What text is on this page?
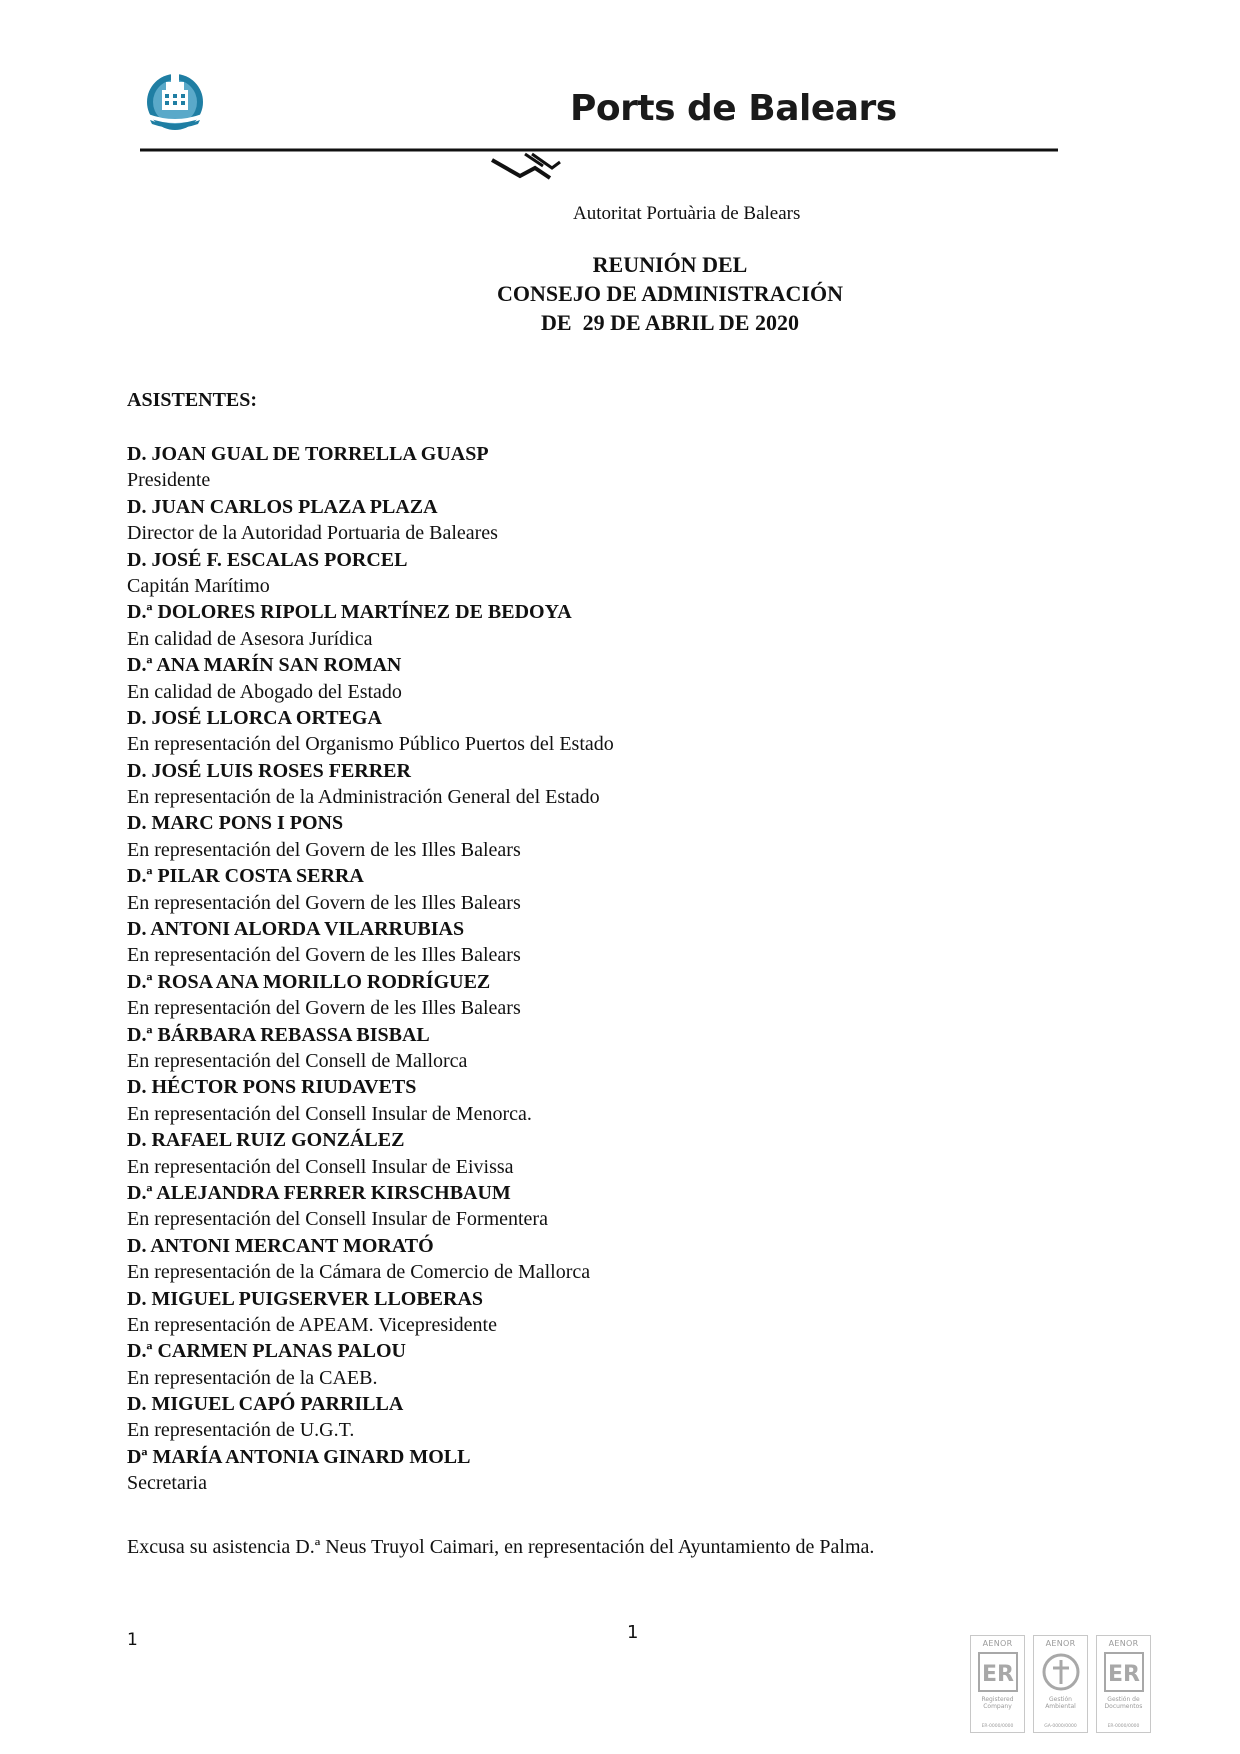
Ports de Balears
Autoritat Portuària de Balears
REUNIÓN DEL
CONSEJO DE ADMINISTRACIÓN
DE  29 DE ABRIL DE 2020
ASISTENTES:
D. JOAN GUAL DE TORRELLA GUASP
Presidente
D. JUAN CARLOS PLAZA PLAZA
Director de la Autoridad Portuaria de Baleares
D. JOSÉ F. ESCALAS PORCEL
Capitán Marítimo
D.ª DOLORES RIPOLL MARTÍNEZ DE BEDOYA
En calidad de Asesora Jurídica
D.ª ANA MARÍN SAN ROMAN
En calidad de Abogado del Estado
D. JOSÉ LLORCA ORTEGA
En representación del Organismo Público Puertos del Estado
D. JOSÉ LUIS ROSES FERRER
En representación de la Administración General del Estado
D. MARC PONS I PONS
En representación del Govern de les Illes Balears
D.ª PILAR COSTA SERRA
En representación del Govern de les Illes Balears
D. ANTONI ALORDA VILARRUBIAS
En representación del Govern de les Illes Balears
D.ª ROSA ANA MORILLO RODRÍGUEZ
En representación del Govern de les Illes Balears
D.ª BÁRBARA REBASSA BISBAL
En representación del Consell de Mallorca
D. HÉCTOR PONS RIUDAVETS
En representación del Consell Insular de Menorca.
D. RAFAEL RUIZ GONZÁLEZ
En representación del Consell Insular de Eivissa
D.ª ALEJANDRA FERRER KIRSCHBAUM
En representación del Consell Insular de Formentera
D. ANTONI MERCANT MORATÓ
En representación de la Cámara de Comercio de Mallorca
D. MIGUEL PUIGSERVER LLOBERAS
En representación de APEAM. Vicepresidente
D.ª CARMEN PLANAS PALOU
En representación de la CAEB.
D. MIGUEL CAPÓ PARRILLA
En representación de U.G.T.
Dª MARÍA ANTONIA GINARD MOLL
Secretaria
Excusa su asistencia D.ª Neus Truyol Caimari, en representación del Ayuntamiento de Palma.
1	1
AENOR
ER
Registered
Company
ER-0000/0000
AENOR
Gestión
Ambiental
GA-0000/0000
AENOR
ER
Gestión de
Documentos
ER-0000/0000
